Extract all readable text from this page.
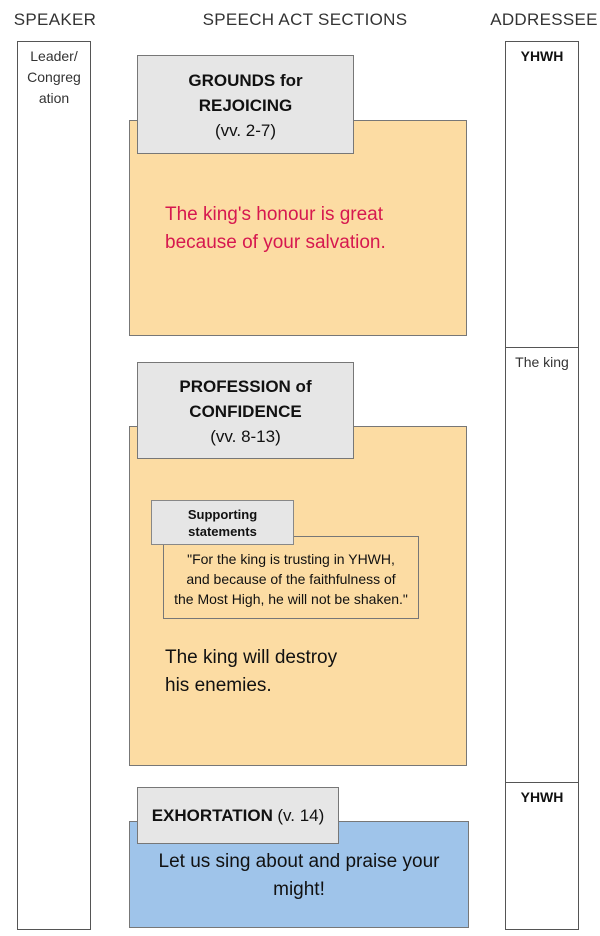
SPEAKER	SPEECH ACT SECTIONS	ADDRESSEE
Leader/
Congreg
ation
YHWH
The king
YHWH
GROUNDS for
REJOICING
(vv. 2-7)
The king's honour is great
because of your salvation.
PROFESSION of
CONFIDENCE
(vv. 8-13)
"For the king is trusting in YHWH,
and because of the faithfulness of
the Most High, he will not be shaken."
Supporting
statements
The king will destroy
his enemies.
Let us sing about and praise your
might!
EXHORTATION (v. 14)
